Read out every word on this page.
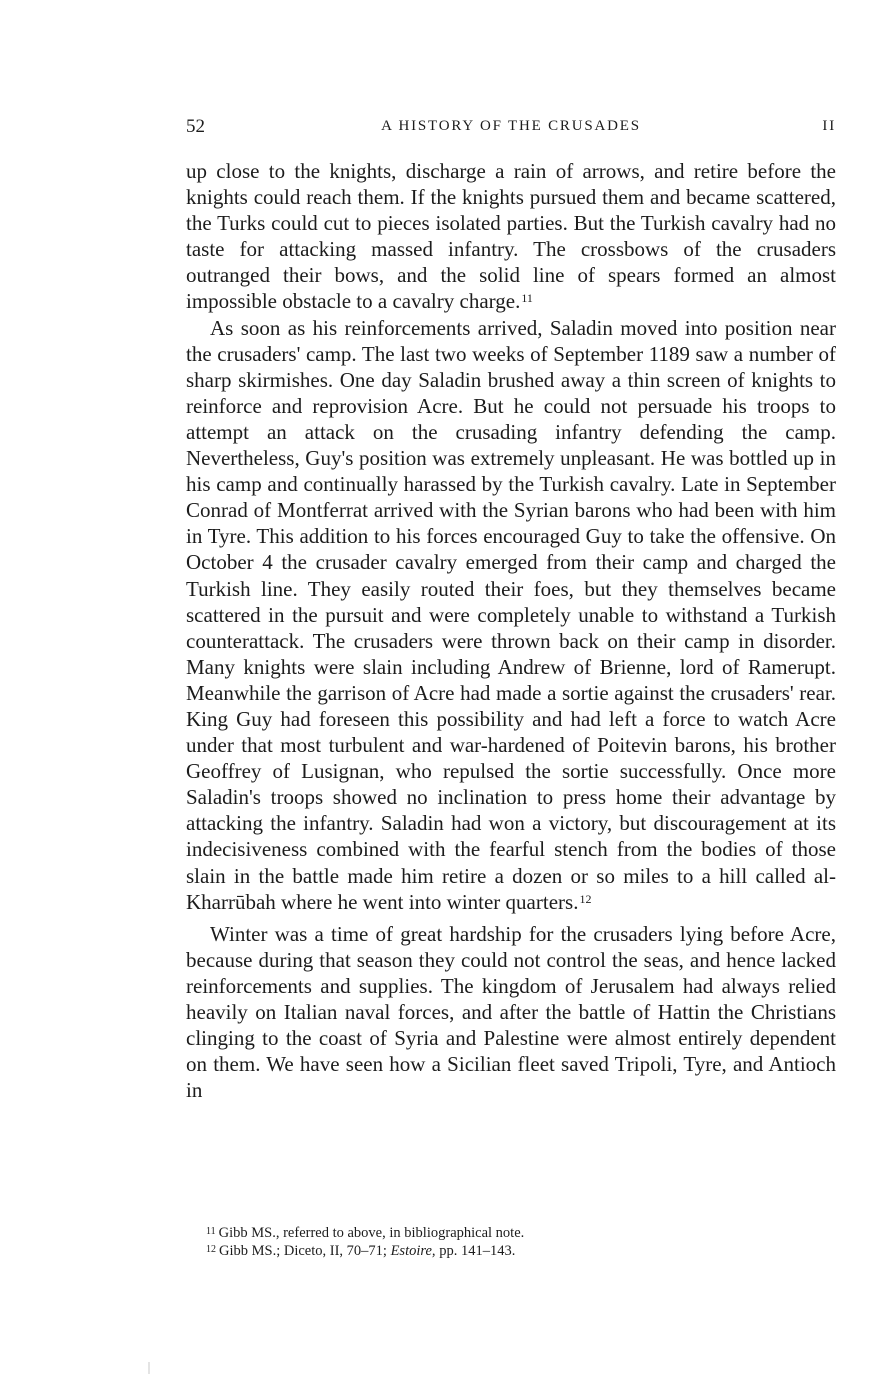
52	A HISTORY OF THE CRUSADES	II

up close to the knights, discharge a rain of arrows, and retire before the knights could reach them. If the knights pursued them and became scattered, the Turks could cut to pieces isolated parties. But the Turkish cavalry had no taste for attacking massed infantry. The crossbows of the crusaders outranged their bows, and the solid line of spears formed an almost impossible obstacle to a cavalry charge.$^{11}$

As soon as his reinforcements arrived, Saladin moved into position near the crusaders' camp. The last two weeks of September 1189 saw a number of sharp skirmishes. One day Saladin brushed away a thin screen of knights to reinforce and reprovision Acre. But he could not persuade his troops to attempt an attack on the crusading infantry defending the camp. Nevertheless, Guy's position was extremely unpleasant. He was bottled up in his camp and continually harassed by the Turkish cavalry. Late in September Conrad of Montferrat arrived with the Syrian barons who had been with him in Tyre. This addition to his forces encouraged Guy to take the offensive. On October 4 the crusader cavalry emerged from their camp and charged the Turkish line. They easily routed their foes, but they themselves became scattered in the pursuit and were completely unable to withstand a Turkish counterattack. The crusaders were thrown back on their camp in disorder. Many knights were slain including Andrew of Brienne, lord of Ramerupt. Meanwhile the garrison of Acre had made a sortie against the crusaders' rear. King Guy had foreseen this possibility and had left a force to watch Acre under that most turbulent and war-hardened of Poitevin barons, his brother Geoffrey of Lusignan, who repulsed the sortie successfully. Once more Saladin's troops showed no inclination to press home their advantage by attacking the infantry. Saladin had won a victory, but discouragement at its indecisiveness combined with the fearful stench from the bodies of those slain in the battle made him retire a dozen or so miles to a hill called al-Kharrūbah where he went into winter quarters.$^{12}$

Winter was a time of great hardship for the crusaders lying before Acre, because during that season they could not control the seas, and hence lacked reinforcements and supplies. The kingdom of Jerusalem had always relied heavily on Italian naval forces, and after the battle of Hattin the Christians clinging to the coast of Syria and Palestine were almost entirely dependent on them. We have seen how a Sicilian fleet saved Tripoli, Tyre, and Antioch in

$^{11}$ Gibb MS., referred to above, in bibliographical note.
$^{12}$ Gibb MS.; Diceto, II, 70–71; Estoire, pp. 141–143.
